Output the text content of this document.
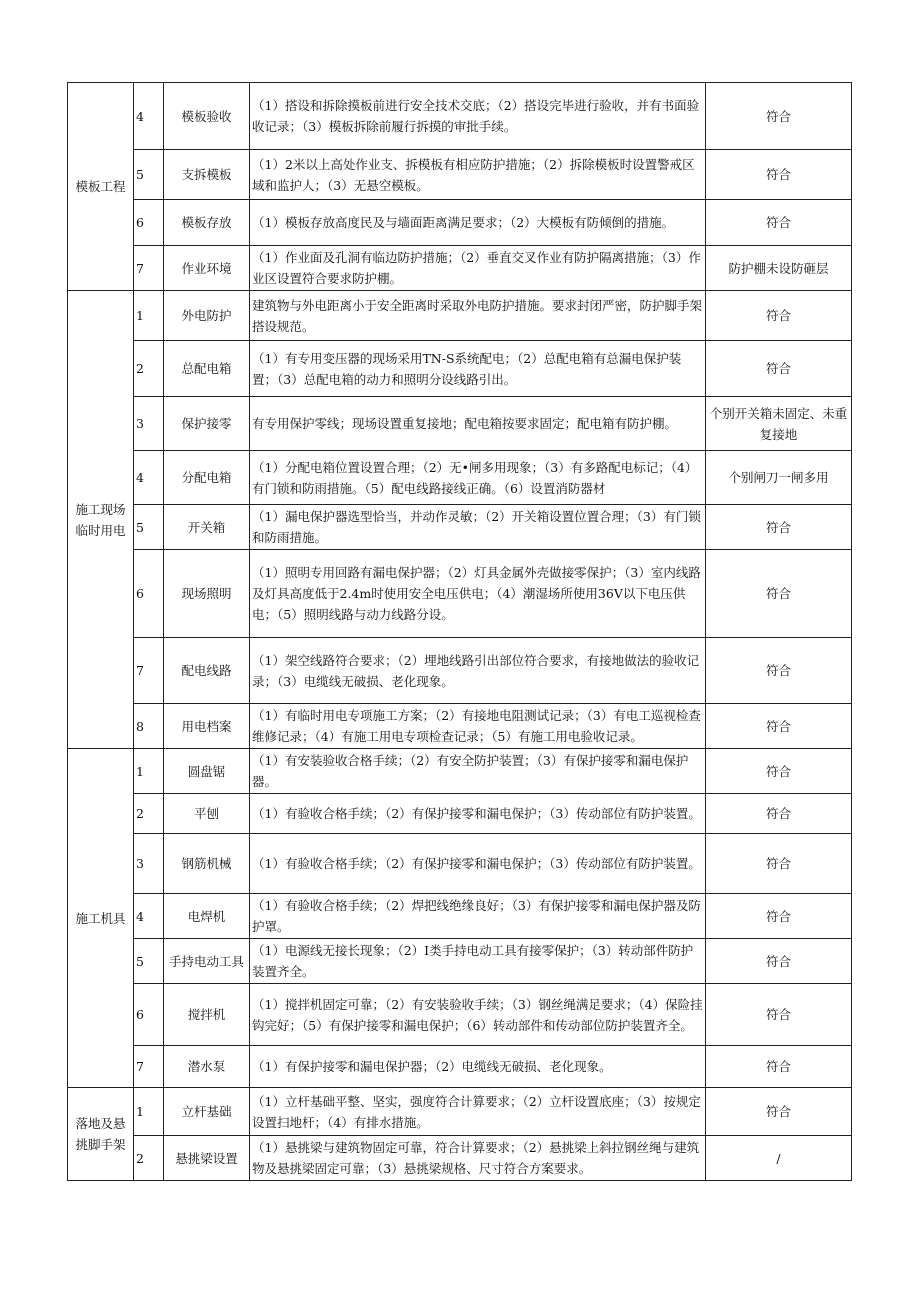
模板工程	4	模板验收	（1）搭设和拆除摸板前进行安全技术交底；（2）搭设完毕进行验收，并有书面验收记录；（3）模板拆除前履行拆摸的审批手续。	符合
	5	支拆模板	（1）2米以上高处作业支、拆模板有相应防护措施；（2）拆除模板时设置警戒区域和监护人；（3）无悬空模板。	符合
	6	模板存放	（1）模板存放高度民及与墙面距离满足要求；（2）大模板有防倾倒的措施。	符合
	7	作业环境	（1）作业面及孔洞有临边防护措施；（2）垂直交叉作业有防护隔离措施；（3）作业区设置符合要求防护棚。	防护棚未设防砸层
施工现场临时用电	1	外电防护	建筑物与外电距离小于安全距离时采取外电防护措施。要求封闭严密，防护脚手架搭设规范。	符合
	2	总配电箱	（1）有专用变压器的现场采用TN-S系统配电；（2）总配电箱有总漏电保护装置；（3）总配电箱的动力和照明分设线路引出。	符合
	3	保护接零	有专用保护零线；现场设置重复接地；配电箱按要求固定；配电箱有防护棚。	个别开关箱未固定、未重复接地
	4	分配电箱	（1）分配电箱位置设置合理；（2）无•闸多用现象；（3）有多路配电标记；（4）有门锁和防雨措施。（5）配电线路接线正确。（6）设置消防器材	个别闸刀一闸多用
	5	开关箱	（1）漏电保护器选型恰当，并动作灵敏；（2）开关箱设置位置合理；（3）有门锁和防雨措施。	符合
	6	现场照明	（1）照明专用回路有漏电保护器；（2）灯具金属外壳做接零保护；（3）室内线路及灯具高度低于2.4m时使用安全电压供电；（4）潮湿场所使用36V以下电压供电；（5）照明线路与动力线路分设。	符合
	7	配电线路	（1）架空线路符合要求；（2）埋地线路引出部位符合要求，有接地做法的验收记录；（3）电缆线无破损、老化现象。	符合
	8	用电档案	（1）有临时用电专项施工方案；（2）有接地电阻测试记录；（3）有电工巡视检查维修记录；（4）有施工用电专项检查记录；（5）有施工用电验收记录。	符合
施工机具	1	圆盘锯	（1）有安装验收合格手续；（2）有安全防护装置；（3）有保护接零和漏电保护器。	符合
	2	平刨	（1）有验收合格手续；（2）有保护接零和漏电保护；（3）传动部位有防护装置。	符合
	3	钢筋机械	（1）有验收合格手续；（2）有保护接零和漏电保护；（3）传动部位有防护装置。	符合
	4	电焊机	（1）有验收合格手续；（2）焊把线绝缘良好；（3）有保护接零和漏电保护器及防护罩。	符合
	5	手持电动工具	（1）电源线无接长现象；（2）I类手持电动工具有接零保护；（3）转动部件防护装置齐全。	符合
	6	搅拌机	（1）搅拌机固定可靠；（2）有安装验收手续；（3）钢丝绳满足要求；（4）保险挂钩完好；（5）有保护接零和漏电保护；（6）转动部件和传动部位防护装置齐全。	符合
	7	潜水泵	（1）有保护接零和漏电保护器；（2）电缆线无破损、老化现象。	符合
落地及悬挑脚手架	1	立杆基础	（1）立杆基础平整、坚实，强度符合计算要求；（2）立杆设置底座；（3）按规定设置扫地杆；（4）有排水措施。	符合
	2	悬挑梁设置	（1）悬挑梁与建筑物固定可靠，符合计算要求；（2）悬挑梁上斜拉钢丝绳与建筑物及悬挑梁固定可靠；（3）悬挑梁规格、尺寸符合方案要求。	/
